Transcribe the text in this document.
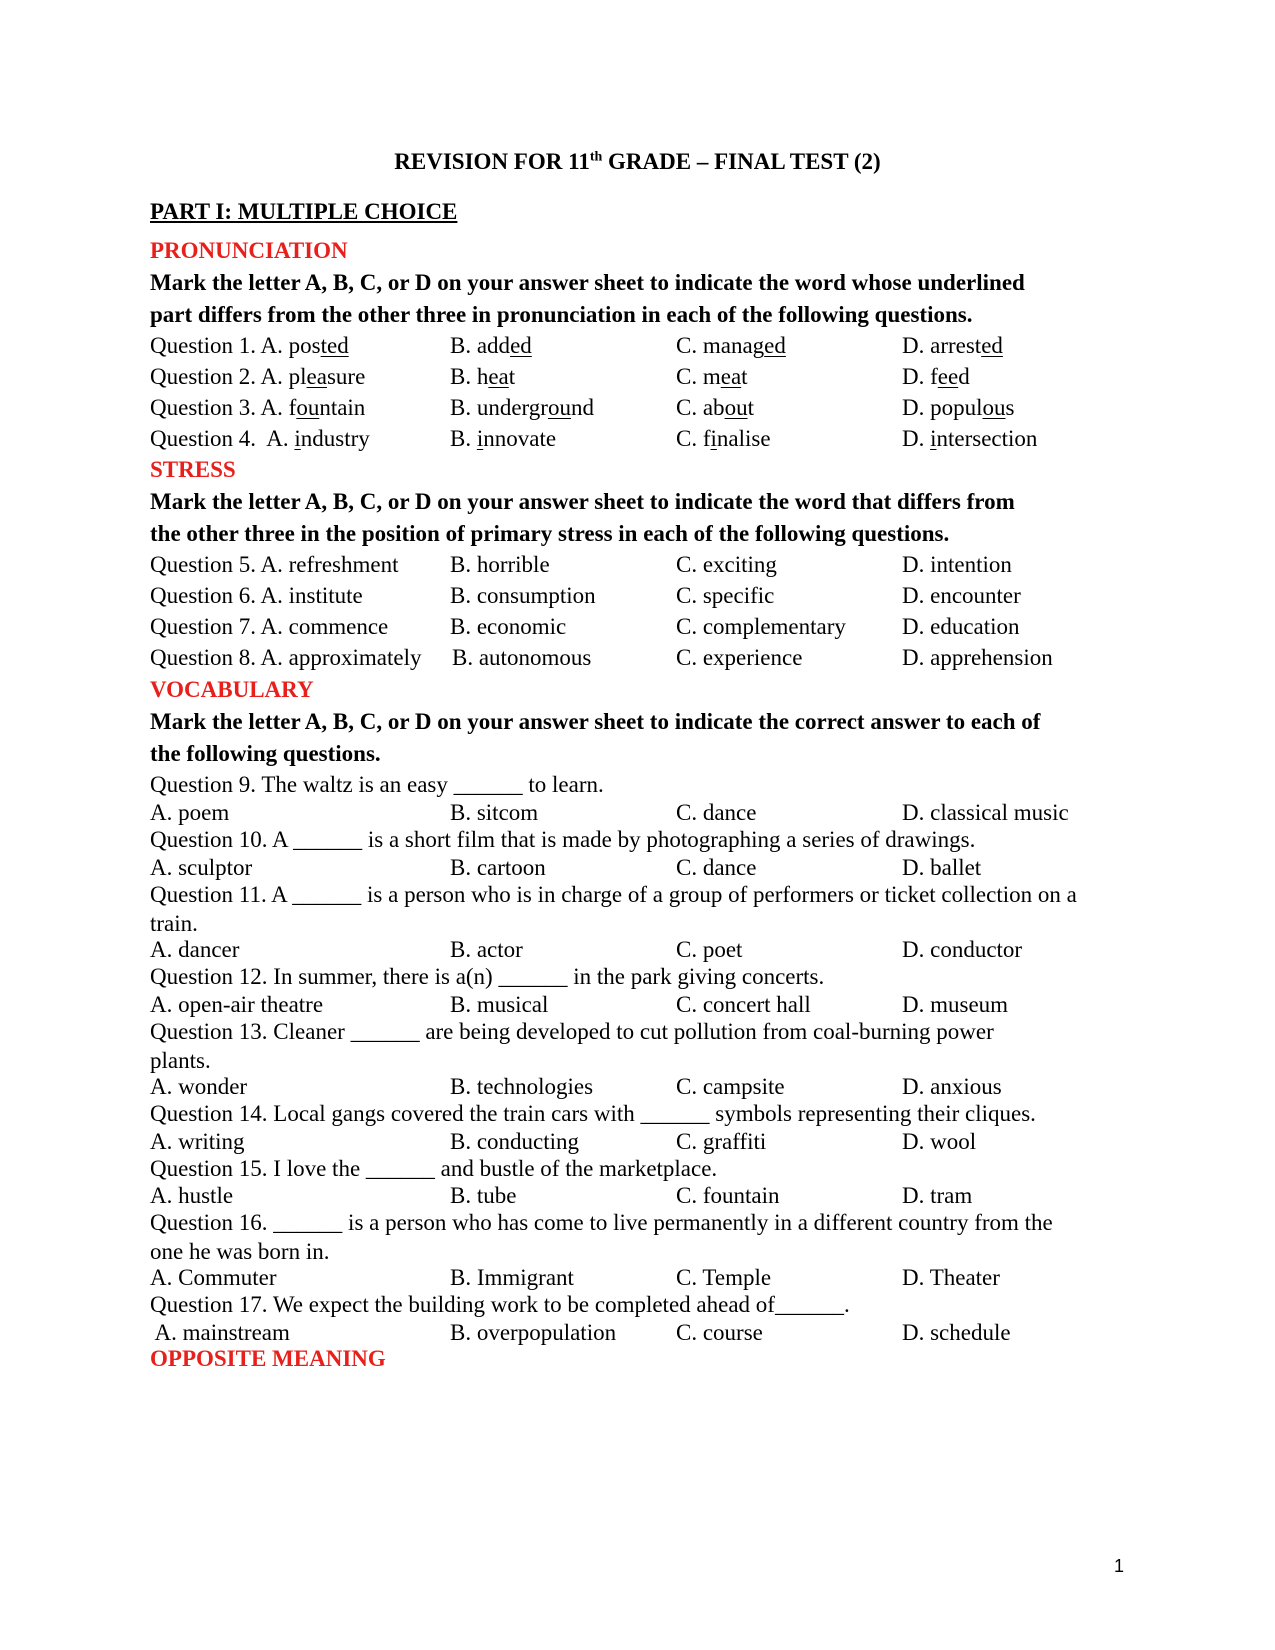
REVISION FOR 11th GRADE – FINAL TEST (2)
PART I: MULTIPLE CHOICE
PRONUNCIATION
Mark the letter A, B, C, or D on your answer sheet to indicate the word whose underlined
part differs from the other three in pronunciation in each of the following questions.
Question 1. A. posted	B. added	C. managed	D. arrested
Question 2. A. pleasure	B. heat	C. meat	D. feed
Question 3. A. fountain	B. underground	C. about	D. populous
Question 4.  A. industry	B. innovate	C. finalise	D. intersection
STRESS
Mark the letter A, B, C, or D on your answer sheet to indicate the word that differs from
the other three in the position of primary stress in each of the following questions.
Question 5. A. refreshment B. horrible	C. exciting	D. intention
Question 6. A. institute	B. consumption	C. specific	D. encounter
Question 7. A. commence	B. economic	C. complementary D. education
Question 8. A. approximately B. autonomous	C. experience	D. apprehension
VOCABULARY
Mark the letter A, B, C, or D on your answer sheet to indicate the correct answer to each of
the following questions.
Question 9. The waltz is an easy ______ to learn.
A. poem	B. sitcom	C. dance	D. classical music
Question 10. A ______ is a short film that is made by photographing a series of drawings.
A. sculptor	B. cartoon	C. dance	D. ballet
Question 11. A ______ is a person who is in charge of a group of performers or ticket collection on a train.
A. dancer	B. actor	C. poet	D. conductor
Question 12. In summer, there is a(n) ______ in the park giving concerts.
A. open-air theatre	B. musical	C. concert hall	D. museum
Question 13. Cleaner ______ are being developed to cut pollution from coal-burning power plants.
A. wonder	B. technologies	C. campsite	D. anxious
Question 14. Local gangs covered the train cars with ______ symbols representing their cliques.
A. writing	B. conducting	C. graffiti	D. wool
Question 15. I love the ______ and bustle of the marketplace.
A. hustle	B. tube	C. fountain	D. tram
Question 16. ______ is a person who has come to live permanently in a different country from the one he was born in.
A. Commuter	B. Immigrant	C. Temple	D. Theater
Question 17. We expect the building work to be completed ahead of______.
A. mainstream	B. overpopulation	C. course	D. schedule
OPPOSITE MEANING
1
